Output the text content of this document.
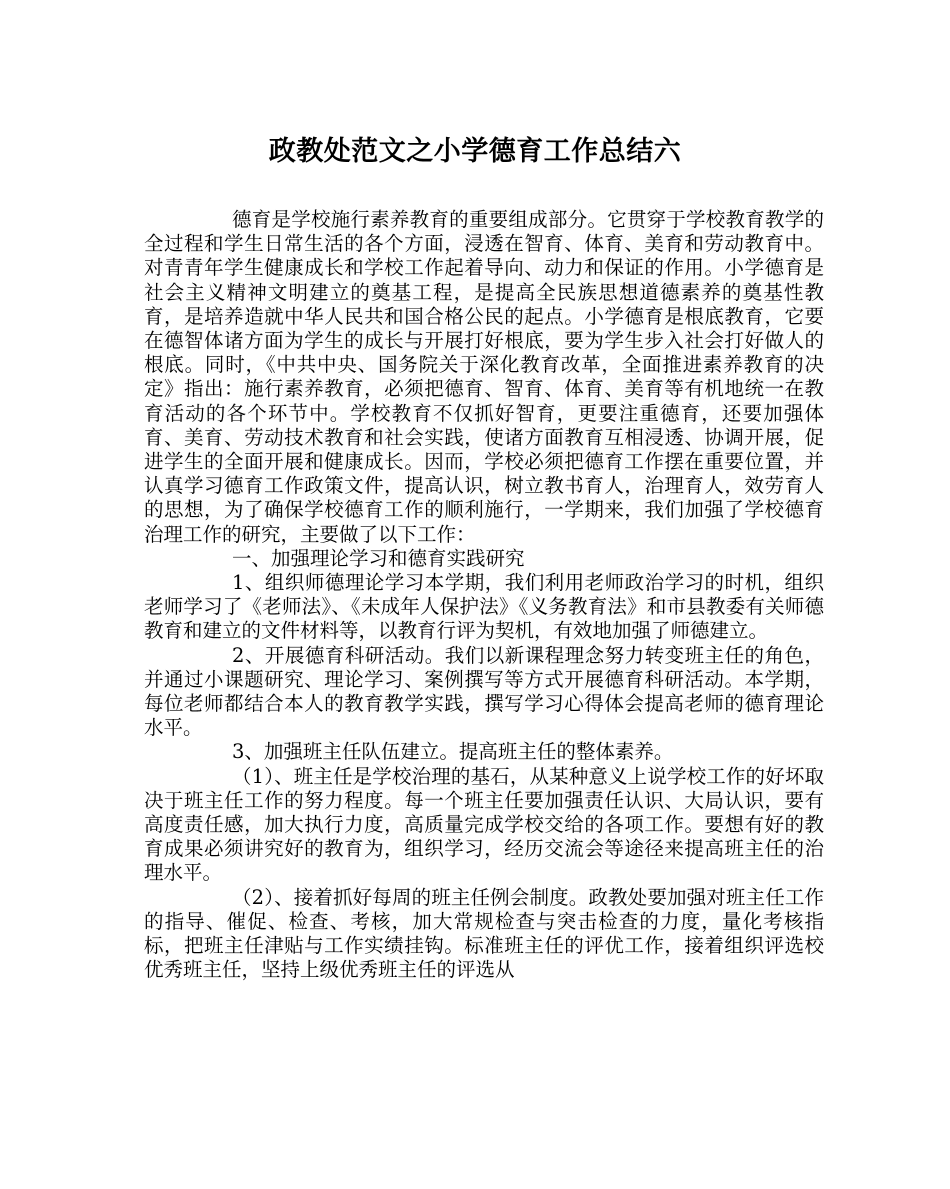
政教处范文之小学德育工作总结六

德育是学校施行素养教育的重要组成部分。它贯穿于学校教育教学的全过程和学生日常生活的各个方面，浸透在智育、体育、美育和劳动教育中。对青青年学生健康成长和学校工作起着导向、动力和保证的作用。小学德育是社会主义精神文明建立的奠基工程，是提高全民族思想道德素养的奠基性教育，是培养造就中华人民共和国合格公民的起点。小学德育是根底教育，它要在德智体诸方面为学生的成长与开展打好根底，要为学生步入社会打好做人的根底。同时，《中共中央、国务院关于深化教育改革，全面推进素养教育的决定》指出：施行素养教育，必须把德育、智育、体育、美育等有机地统一在教育活动的各个环节中。学校教育不仅抓好智育，更要注重德育，还要加强体育、美育、劳动技术教育和社会实践，使诸方面教育互相浸透、协调开展，促进学生的全面开展和健康成长。因而，学校必须把德育工作摆在重要位置，并认真学习德育工作政策文件，提高认识，树立教书育人，治理育人，效劳育人的思想，为了确保学校德育工作的顺利施行，一学期来，我们加强了学校德育治理工作的研究，主要做了以下工作：

一、加强理论学习和德育实践研究

1、组织师德理论学习本学期，我们利用老师政治学习的时机，组织老师学习了《老师法》、《未成年人保护法》《义务教育法》和市县教委有关师德教育和建立的文件材料等，以教育行评为契机，有效地加强了师德建立。

2、开展德育科研活动。我们以新课程理念努力转变班主任的角色，并通过小课题研究、理论学习、案例撰写等方式开展德育科研活动。本学期，每位老师都结合本人的教育教学实践，撰写学习心得体会提高老师的德育理论水平。

3、加强班主任队伍建立。提高班主任的整体素养。

（1）、班主任是学校治理的基石，从某种意义上说学校工作的好坏取决于班主任工作的努力程度。每一个班主任要加强责任认识、大局认识，要有高度责任感，加大执行力度，高质量完成学校交给的各项工作。要想有好的教育成果必须讲究好的教育为，组织学习，经历交流会等途径来提高班主任的治理水平。

（2）、接着抓好每周的班主任例会制度。政教处要加强对班主任工作的指导、催促、检查、考核，加大常规检查与突击检查的力度，量化考核指标，把班主任津贴与工作实绩挂钩。标准班主任的评优工作，接着组织评选校优秀班主任，坚持上级优秀班主任的评选从
